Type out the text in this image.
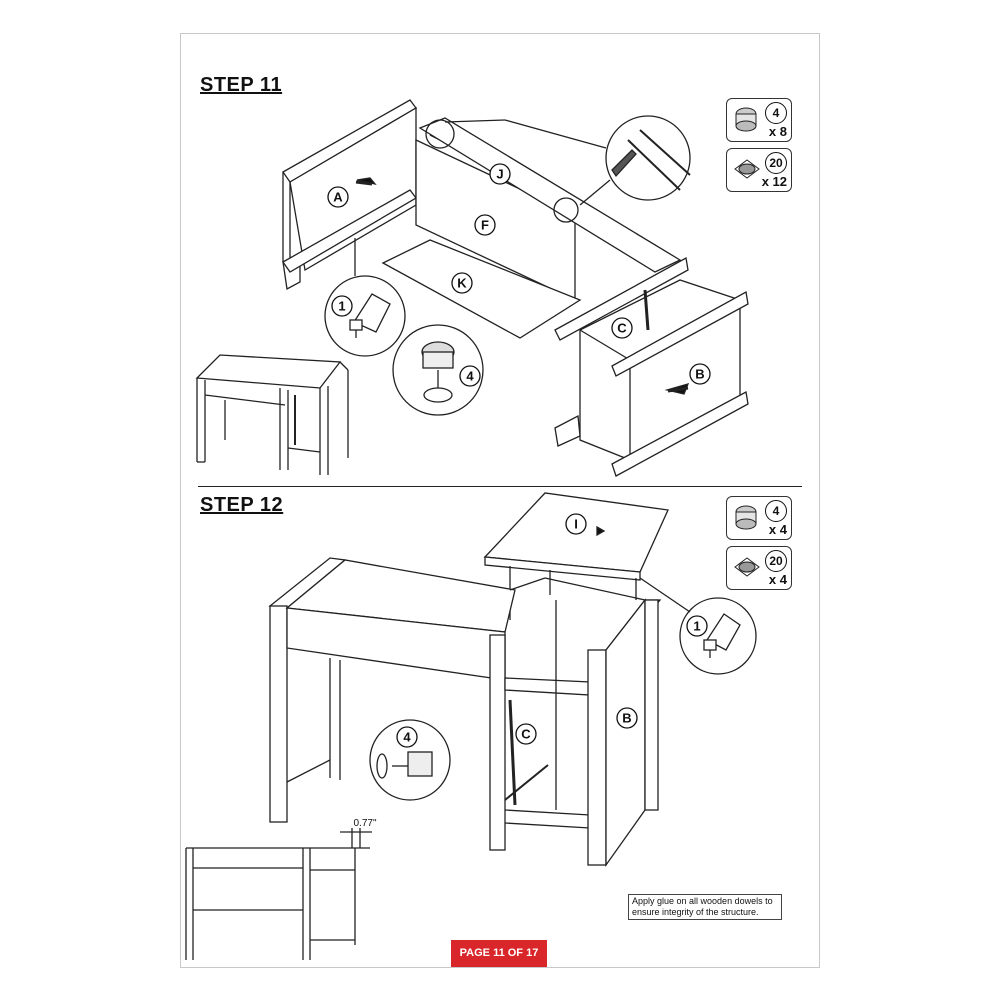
STEP 11
STEP 12
A
J
F
K
C
B
1
4
I
B
C
1
4
0.77"
4
x 8
20
x 12
4
x 4
20
x 4
Apply glue on all wooden dowels to ensure integrity of the structure.
PAGE 11 OF 17
